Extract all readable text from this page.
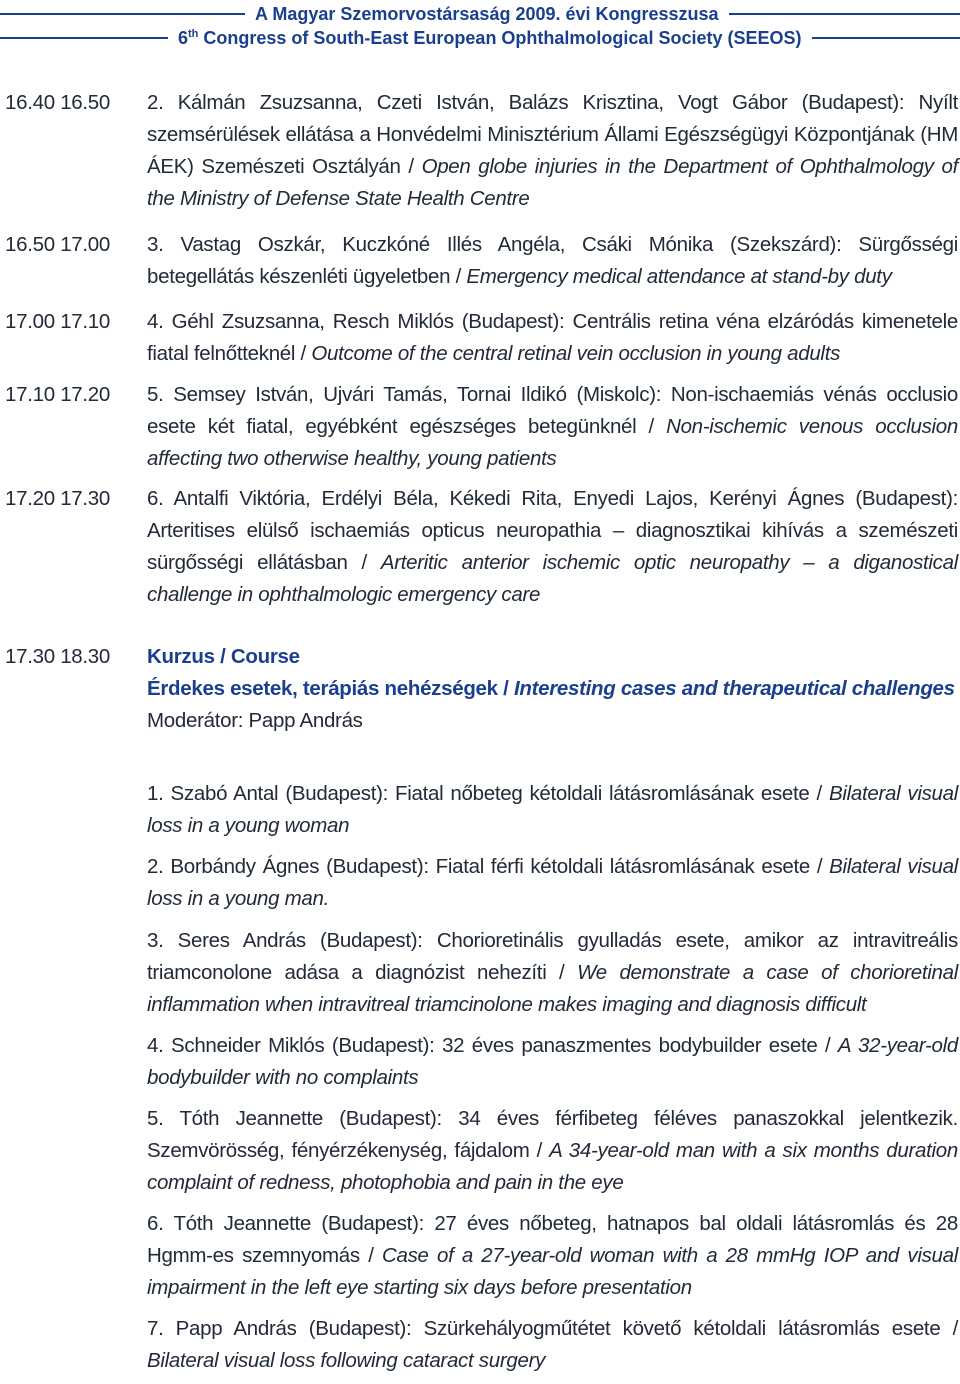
A Magyar Szemorvostársaság 2009. évi Kongresszusa
6th Congress of South-East European Ophthalmological Society (SEEOS)
16.40 16.50 2. Kálmán Zsuzsanna, Czeti István, Balázs Krisztina, Vogt Gábor (Budapest): Nyílt szemsérülések ellátása a Honvédelmi Minisztérium Állami Egészségügyi Központjának (HM ÁEK) Szemészeti Osztályán / Open globe injuries in the Department of Ophthalmology of the Ministry of Defense State Health Centre
16.50 17.00 3. Vastag Oszkár, Kuczkóné Illés Angéla, Csáki Mónika (Szekszárd): Sürgősségi betegellátás készenléti ügyeletben / Emergency medical attendance at stand-by duty
17.00 17.10 4. Géhl Zsuzsanna, Resch Miklós (Budapest): Centrális retina véna elzáródás kimenetele fiatal felnőtteknél / Outcome of the central retinal vein occlusion in young adults
17.10 17.20 5. Semsey István, Ujvári Tamás, Tornai Ildikó (Miskolc): Non-ischaemiás vénás occlusio esete két fiatal, egyébként egészséges betegünknél / Non-ischemic venous occlusion affecting two otherwise healthy, young patients
17.20 17.30 6. Antalfi Viktória, Erdélyi Béla, Kékedi Rita, Enyedi Lajos, Kerényi Ágnes (Budapest): Arteritises elülső ischaemiás opticus neuropathia – diagnosztikai kihívás a szemészeti sürgősségi ellátásban / Arteritic anterior ischemic optic neuropathy – a diganostical challenge in ophthalmologic emergency care
17.30 18.30 Kurzus / Course
Érdekes esetek, terápiás nehézségek / Interesting cases and therapeutical challenges
Moderátor: Papp András
1. Szabó Antal (Budapest): Fiatal nőbeteg kétoldali látásromlásának esete / Bilateral visual loss in a young woman
2. Borbándy Ágnes (Budapest): Fiatal férfi kétoldali látásromlásának esete / Bilateral visual loss in a young man.
3. Seres András (Budapest): Chorioretinális gyulladás esete, amikor az intravitreális triamconolone adása a diagnózist nehezíti / We demonstrate a case of chorioretinal inflammation when intravitreal triamcinolone makes imaging and diagnosis difficult
4. Schneider Miklós (Budapest): 32 éves panaszmentes bodybuilder esete / A 32-year-old bodybuilder with no complaints
5. Tóth Jeannette (Budapest): 34 éves férfibeteg féléves panaszokkal jelentkezik. Szemvörösség, fényérzékenység, fájdalom / A 34-year-old man with a six months duration complaint of redness, photophobia and pain in the eye
6. Tóth Jeannette (Budapest): 27 éves nőbeteg, hatnapos bal oldali látásromlás és 28 Hgmm-es szemnyomás / Case of a 27-year-old woman with a 28 mmHg IOP and visual impairment in the left eye starting six days before presentation
7. Papp András (Budapest): Szürkehályogműtétet követő kétoldali látásromlás esete / Bilateral visual loss following cataract surgery
